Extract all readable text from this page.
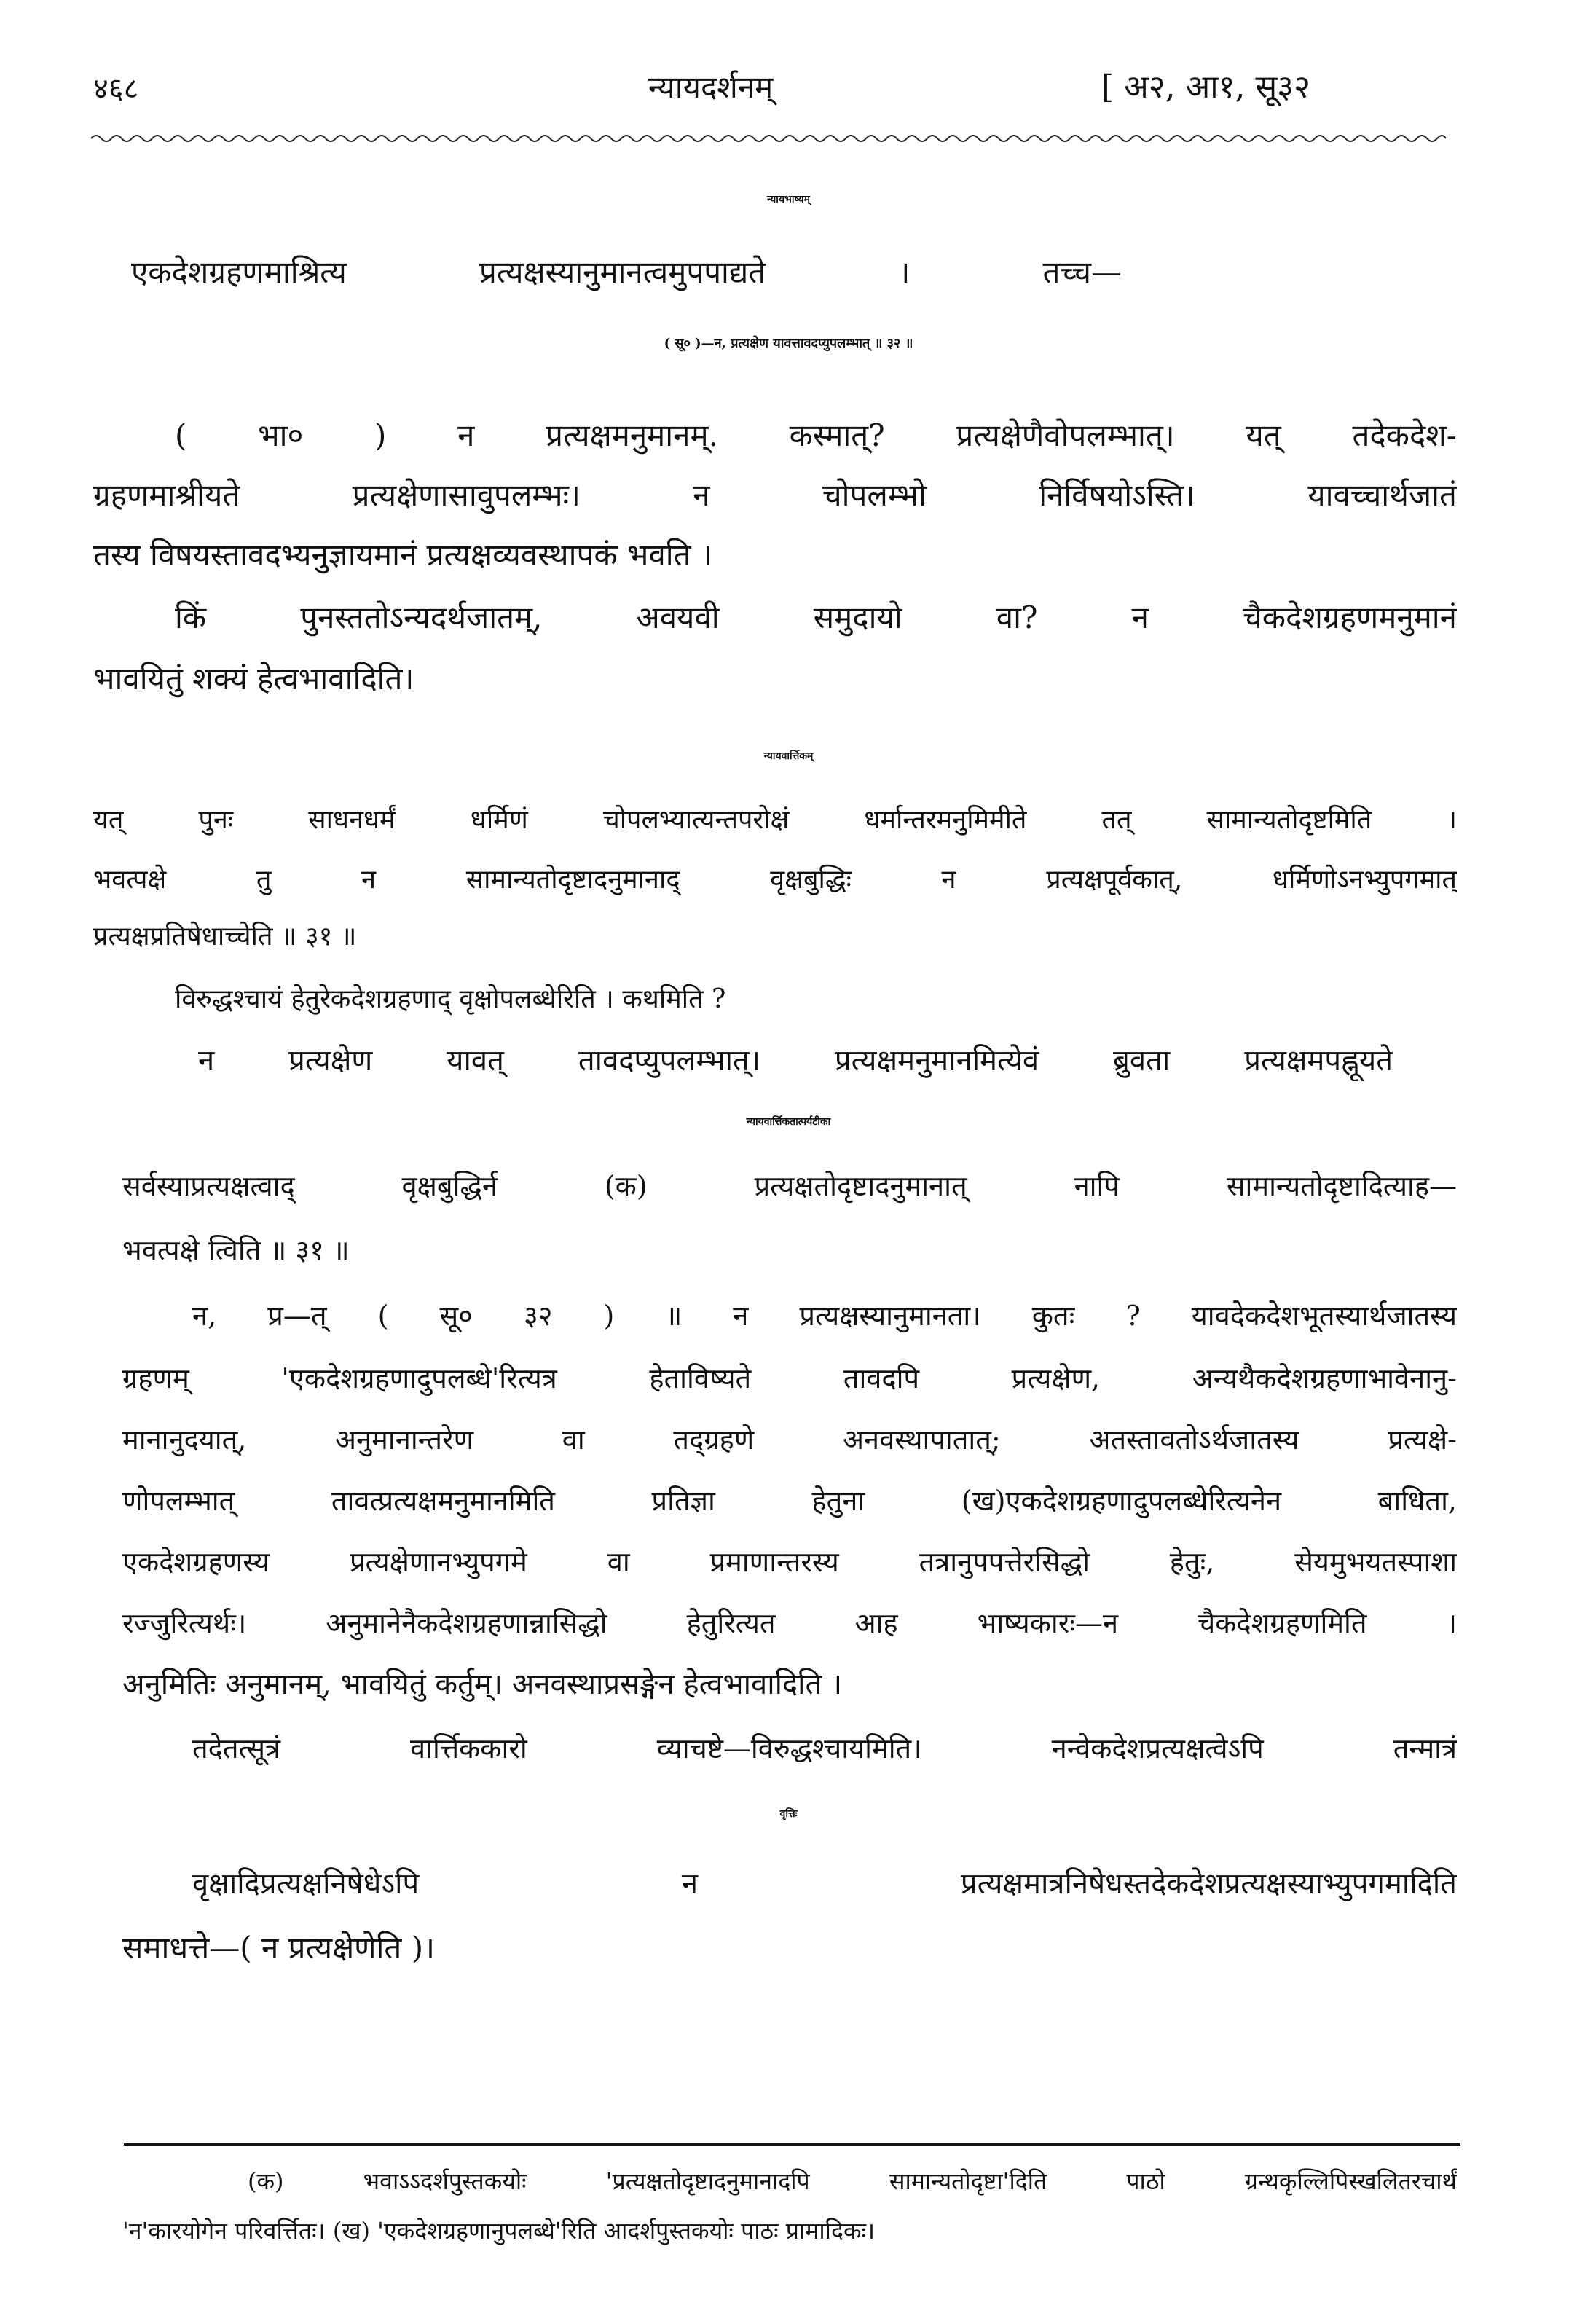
४६८	न्यायदर्शनम्	[ अ२, आ१, सू३२
न्यायभाष्यम्
एकदेशग्रहणमाश्रित्य प्रत्यक्षस्यानुमानत्वमुपपाद्यते । तच्च—
( सू० )—न, प्रत्यक्षेण यावत्तावदप्युपलम्भात् ॥ ३२ ॥
( भा० ) न प्रत्यक्षमनुमानम्. कस्मात्? प्रत्यक्षेणैवोपलम्भात्। यत् तदेकदेश-
ग्रहणमाश्रीयते प्रत्यक्षेणासावुपलम्भः। न चोपलम्भो निर्विषयोऽस्ति। यावच्चार्थजातं
तस्य विषयस्तावदभ्यनुज्ञायमानं प्रत्यक्षव्यवस्थापकं भवति ।
किं पुनस्ततोऽन्यदर्थजातम्, अवयवी समुदायो वा? न चैकदेशग्रहणमनुमानं
भावयितुं शक्यं हेत्वभावादिति।
न्यायवार्त्तिकम्
यत् पुनः साधनधर्मं धर्मिणं चोपलभ्यात्यन्तपरोक्षं धर्मान्तरमनुमिमीते तत् सामान्यतोदृष्टमिति ।
भवत्पक्षे तु न सामान्यतोदृष्टादनुमानाद् वृक्षबुद्धिः न प्रत्यक्षपूर्वकात्, धर्मिणोऽनभ्युपगमात्
प्रत्यक्षप्रतिषेधाच्चेति ॥ ३१ ॥
विरुद्धश्चायं हेतुरेकदेशग्रहणाद् वृक्षोपलब्धेरिति । कथमिति ?
न प्रत्यक्षेण यावत् तावदप्युपलम्भात्। प्रत्यक्षमनुमानमित्येवं ब्रुवता प्रत्यक्षमपह्नूयते
न्यायवार्त्तिकतात्पर्यटीका
सर्वस्याप्रत्यक्षत्वाद् वृक्षबुद्धिर्न (क) प्रत्यक्षतोदृष्टादनुमानात् नापि सामान्यतोदृष्टादित्याह—
भवत्पक्षे त्विति ॥ ३१ ॥
न, प्र—त् ( सू० ३२ ) ॥ न प्रत्यक्षस्यानुमानता। कुतः ? यावदेकदेशभूतस्यार्थजातस्य
ग्रहणम् 'एकदेशग्रहणादुपलब्धे'रित्यत्र हेताविष्यते तावदपि प्रत्यक्षेण, अन्यथैकदेशग्रहणाभावेनानु-
मानानुदयात्, अनुमानान्तरेण वा तद्ग्रहणे अनवस्थापातात्; अतस्तावतोऽर्थजातस्य प्रत्यक्षे-
णोपलम्भात् तावत्प्रत्यक्षमनुमानमिति प्रतिज्ञा हेतुना (ख)एकदेशग्रहणादुपलब्धेरित्यनेन बाधिता,
एकदेशग्रहणस्य प्रत्यक्षेणानभ्युपगमे वा प्रमाणान्तरस्य तत्रानुपपत्तेरसिद्धो हेतुः, सेयमुभयतस्पाशा
रज्जुरित्यर्थः। अनुमानेनैकदेशग्रहणान्नासिद्धो हेतुरित्यत आह भाष्यकारः—न चैकदेशग्रहणमिति ।
अनुमितिः अनुमानम्, भावयितुं कर्तुम्। अनवस्थाप्रसङ्गेन हेत्वभावादिति ।
तदेतत्सूत्रं वार्त्तिककारो व्याचष्टे—विरुद्धश्चायमिति। नन्वेकदेशप्रत्यक्षत्वेऽपि तन्मात्रं
वृत्तिः
वृक्षादिप्रत्यक्षनिषेधेऽपि न प्रत्यक्षमात्रनिषेधस्तदेकदेशप्रत्यक्षस्याभ्युपगमादिति
समाधत्ते—( न प्रत्यक्षेणेति )।
(क) भवाऽऽदर्शपुस्तकयोः 'प्रत्यक्षतोदृष्टादनुमानादपि सामान्यतोदृष्टा'दिति पाठो ग्रन्थकृल्लिपिस्खलितरचार्थं
'न'कारयोगेन परिवर्त्तितः। (ख) 'एकदेशग्रहणानुपलब्धे'रिति आदर्शपुस्तकयोः पाठः प्रामादिकः।
